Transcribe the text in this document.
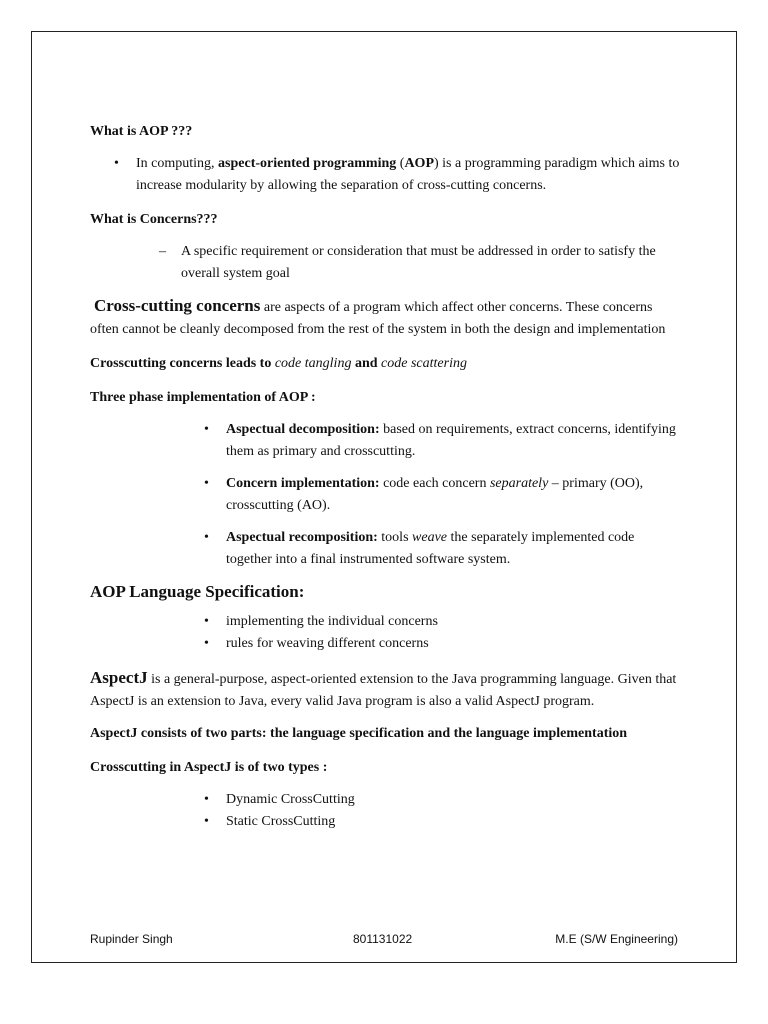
What is AOP ???

• In computing, aspect-oriented programming (AOP) is a programming paradigm which aims to increase modularity by allowing the separation of cross-cutting concerns.

What is Concerns???

– A specific requirement or consideration that must be addressed in order to satisfy the overall system goal

Cross-cutting concerns are aspects of a program which affect other concerns. These concerns often cannot be cleanly decomposed from the rest of the system in both the design and implementation

Crosscutting concerns leads to code tangling and code scattering

Three phase implementation of AOP :

• Aspectual decomposition: based on requirements, extract concerns, identifying them as primary and crosscutting.
• Concern implementation: code each concern separately – primary (OO), crosscutting (AO).
• Aspectual recomposition: tools weave the separately implemented code together into a final instrumented software system.

AOP Language Specification:

• implementing the individual concerns
• rules for weaving different concerns

AspectJ is a general-purpose, aspect-oriented extension to the Java programming language. Given that AspectJ is an extension to Java, every valid Java program is also a valid AspectJ program.

AspectJ consists of two parts: the language specification and the language implementation

Crosscutting in AspectJ is of two types :

• Dynamic CrossCutting
• Static CrossCutting
Rupinder Singh	801131022	M.E (S/W Engineering)
